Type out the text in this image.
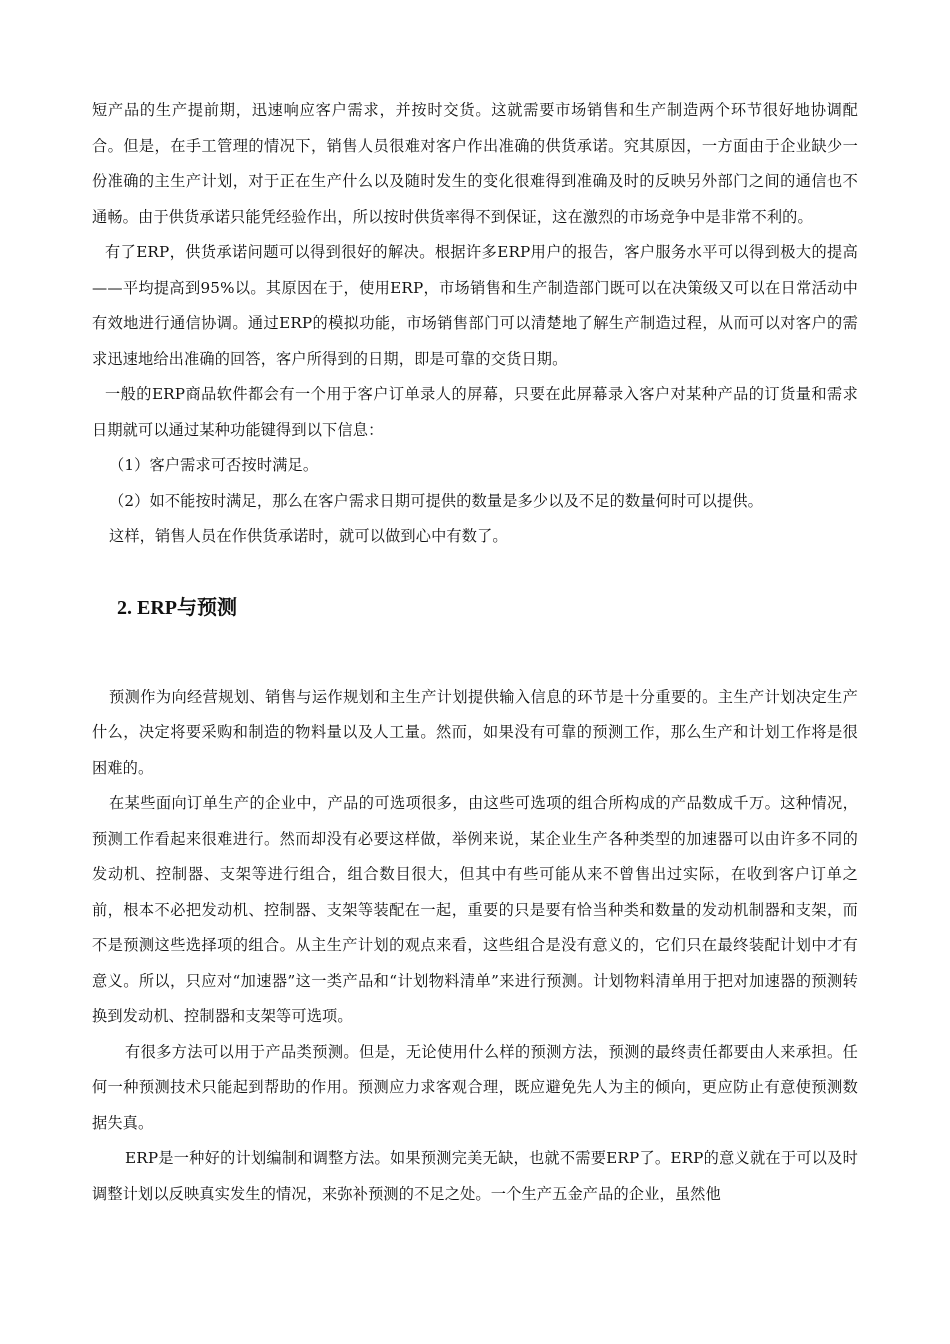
短产品的生产提前期，迅速响应客户需求，并按时交货。这就需要市场销售和生产制造两个环节很好地协调配合。但是，在手工管理的情况下，销售人员很难对客户作出准确的供货承诺。究其原因，一方面由于企业缺少一份准确的主生产计划，对于正在生产什么以及随时发生的变化很难得到准确及时的反映另外部门之间的通信也不通畅。由于供货承诺只能凭经验作出，所以按时供货率得不到保证，这在激烈的市场竞争中是非常不利的。

有了ERP，供货承诺问题可以得到很好的解决。根据许多ERP用户的报告，客户服务水平可以得到极大的提高——平均提高到95%以。其原因在于，使用ERP，市场销售和生产制造部门既可以在决策级又可以在日常活动中有效地进行通信协调。通过ERP的模拟功能，市场销售部门可以清楚地了解生产制造过程，从而可以对客户的需求迅速地给出准确的回答，客户所得到的日期，即是可靠的交货日期。

一般的ERP商品软件都会有一个用于客户订单录人的屏幕，只要在此屏幕录入客户对某种产品的订货量和需求日期就可以通过某种功能键得到以下信息：

（1）客户需求可否按时满足。

（2）如不能按时满足，那么在客户需求日期可提供的数量是多少以及不足的数量何时可以提供。

这样，销售人员在作供货承诺时，就可以做到心中有数了。

2. ERP与预测

预测作为向经营规划、销售与运作规划和主生产计划提供输入信息的环节是十分重要的。主生产计划决定生产什么，决定将要采购和制造的物料量以及人工量。然而，如果没有可靠的预测工作，那么生产和计划工作将是很困难的。

在某些面向订单生产的企业中，产品的可选项很多，由这些可选项的组合所构成的产品数成千万。这种情况，预测工作看起来很难进行。然而却没有必要这样做，举例来说，某企业生产各种类型的加速器可以由许多不同的发动机、控制器、支架等进行组合，组合数目很大，但其中有些可能从来不曾售出过实际，在收到客户订单之前，根本不必把发动机、控制器、支架等装配在一起，重要的只是要有恰当种类和数量的发动机制器和支架，而不是预测这些选择项的组合。从主生产计划的观点来看，这些组合是没有意义的，它们只在最终装配计划中才有意义。所以，只应对“加速器”这一类产品和“计划物料清单”来进行预测。计划物料清单用于把对加速器的预测转换到发动机、控制器和支架等可选项。

有很多方法可以用于产品类预测。但是，无论使用什么样的预测方法，预测的最终责任都要由人来承担。任何一种预测技术只能起到帮助的作用。预测应力求客观合理，既应避免先人为主的倾向，更应防止有意使预测数据失真。

ERP是一种好的计划编制和调整方法。如果预测完美无缺，也就不需要ERP了。ERP的意义就在于可以及时调整计划以反映真实发生的情况，来弥补预测的不足之处。一个生产五金产品的企业，虽然他
